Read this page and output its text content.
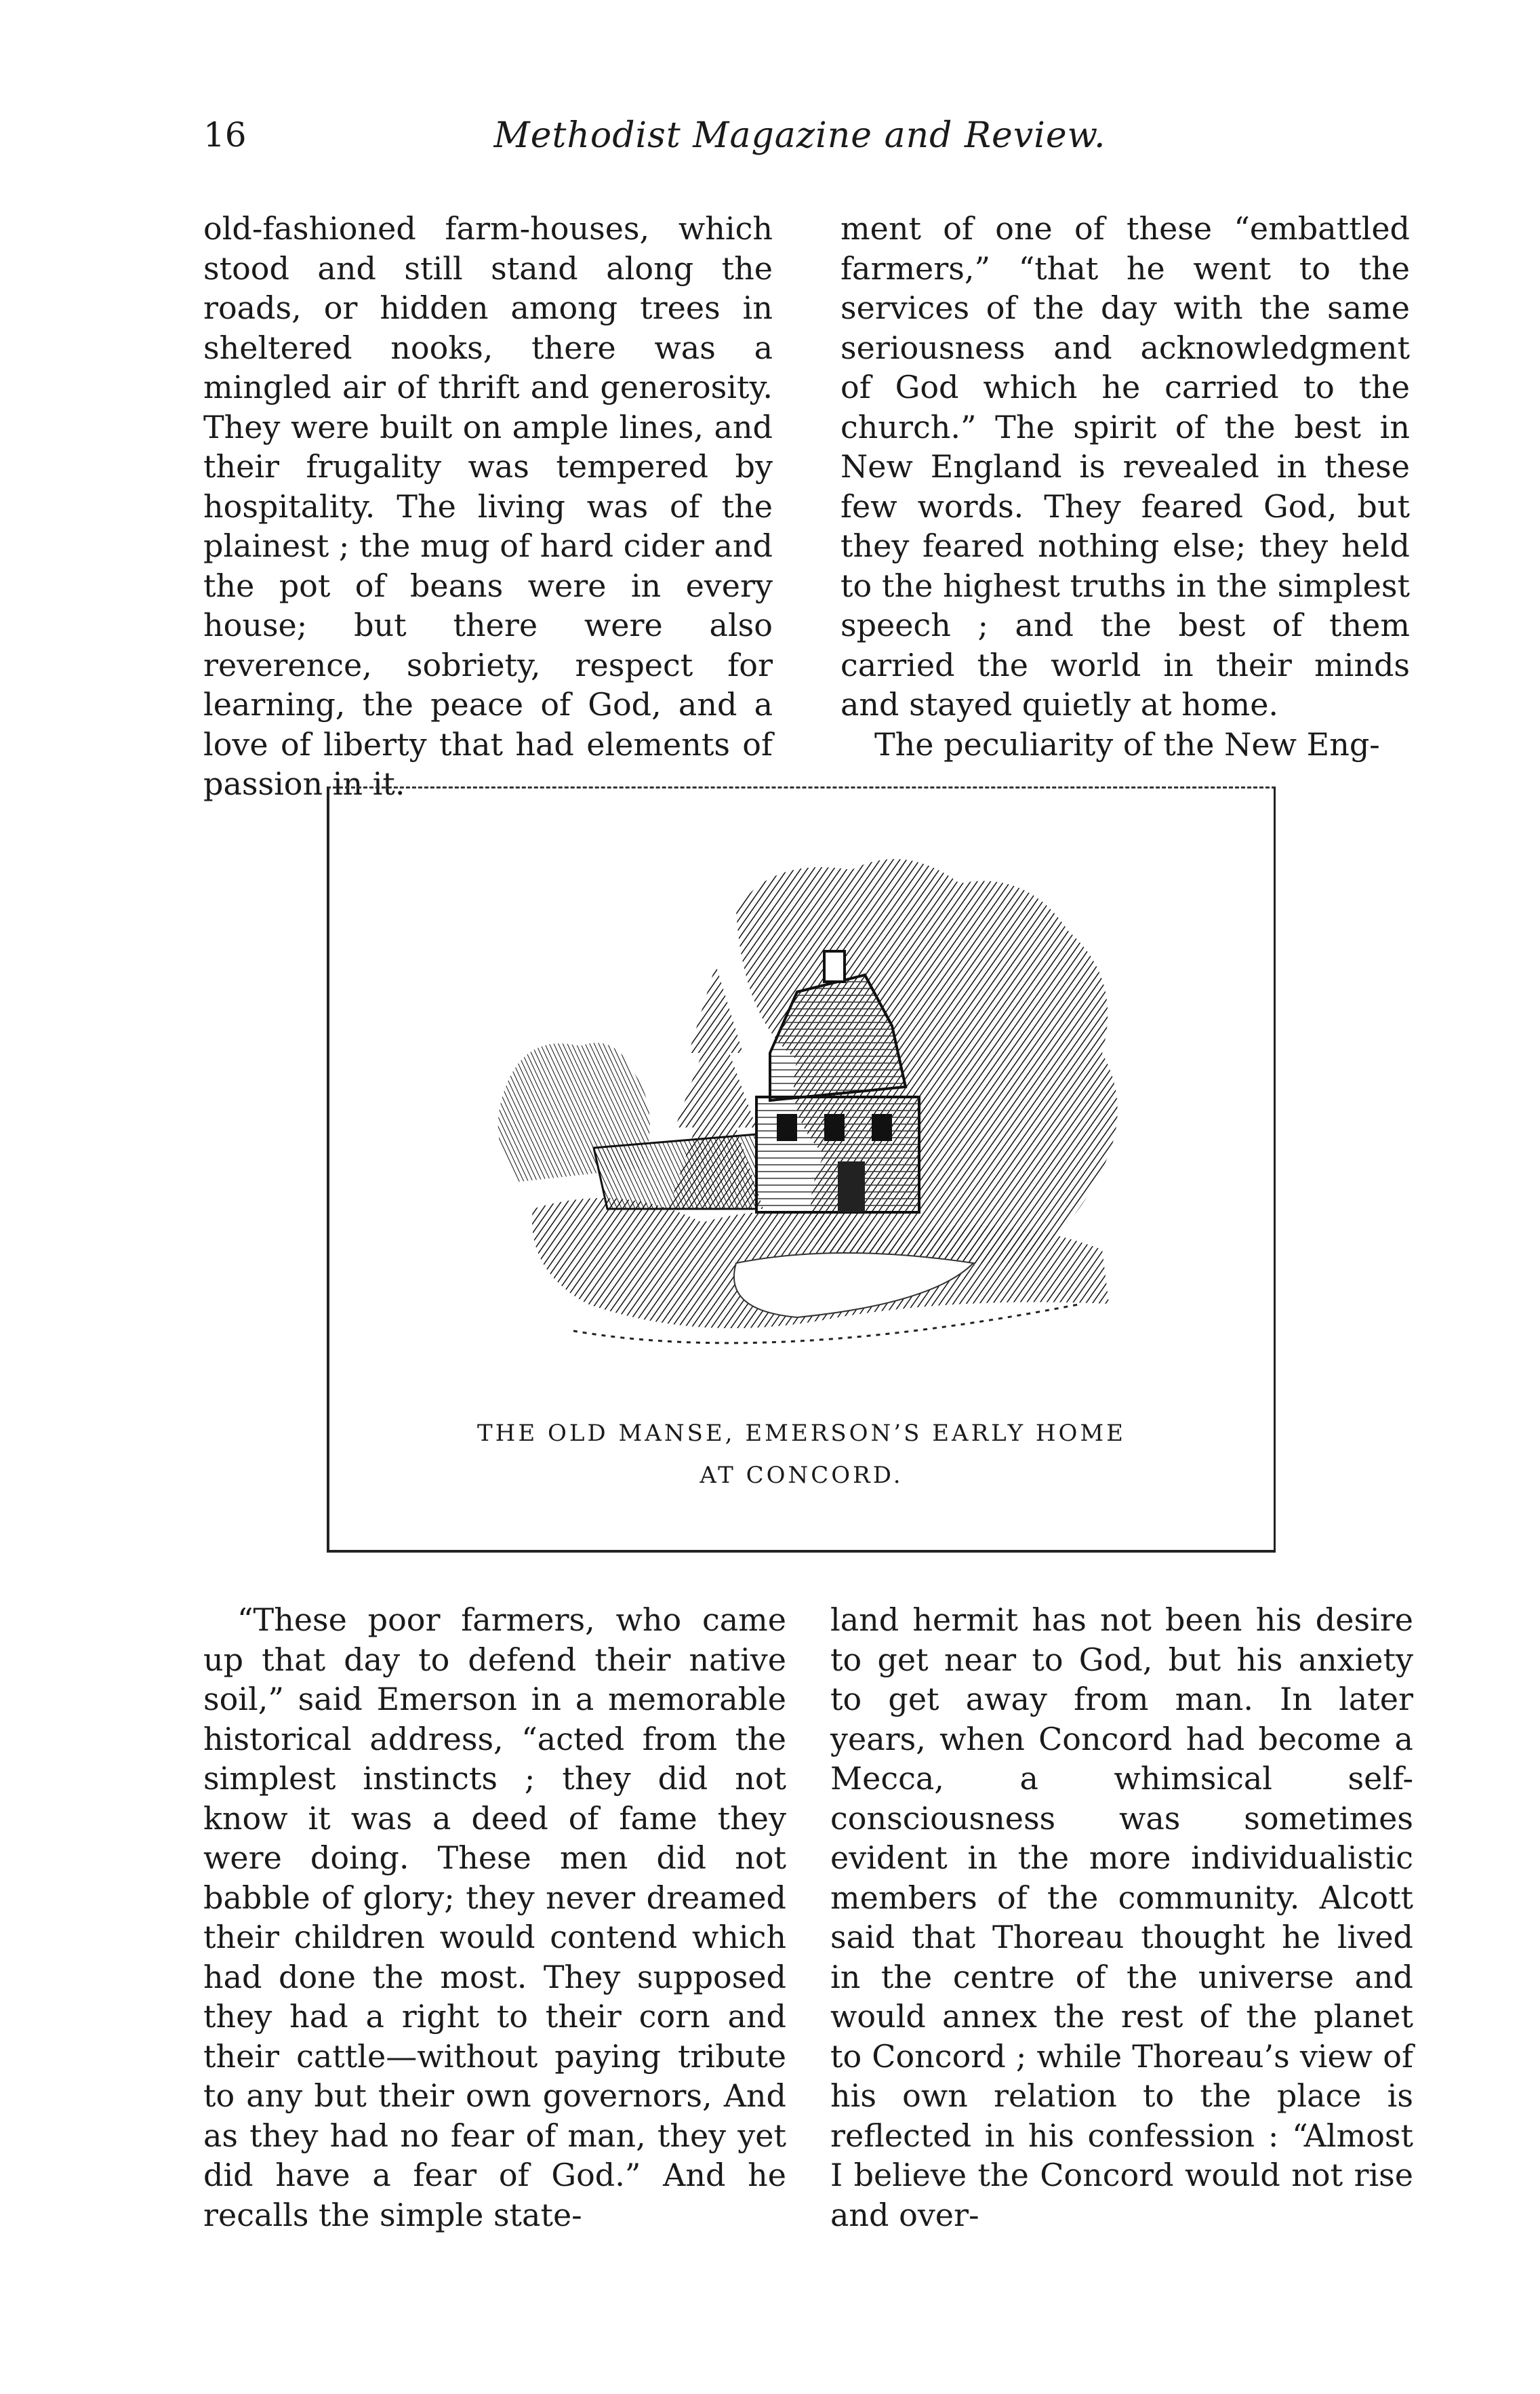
16	Methodist Magazine and Review.

old-fashioned farm-houses, which stood and still stand along the roads, or hidden among trees in sheltered nooks, there was a mingled air of thrift and generosity. They were built on ample lines, and their frugality was tempered by hospitality. The living was of the plainest ; the mug of hard cider and the pot of beans were in every house; but there were also reverence, sobriety, respect for learning, the peace of God, and a love of liberty that had elements of passion in it.

ment of one of these “embattled farmers,” “that he went to the services of the day with the same seriousness and acknowledgment of God which he carried to the church.” The spirit of the best in New England is revealed in these few words. They feared God, but they feared nothing else; they held to the highest truths in the simplest speech ; and the best of them carried the world in their minds and stayed quietly at home.

The peculiarity of the New Eng-

THE OLD MANSE, EMERSON’S EARLY HOME
AT CONCORD.

“These poor farmers, who came up that day to defend their native soil,” said Emerson in a memorable historical address, “acted from the simplest instincts ; they did not know it was a deed of fame they were doing. These men did not babble of glory; they never dreamed their children would contend which had done the most. They supposed they had a right to their corn and their cattle—without paying tribute to any but their own governors, And as they had no fear of man, they yet did have a fear of God.” And he recalls the simple state-

land hermit has not been his desire to get near to God, but his anxiety to get away from man. In later years, when Concord had become a Mecca, a whimsical self-consciousness was sometimes evident in the more individualistic members of the community. Alcott said that Thoreau thought he lived in the centre of the universe and would annex the rest of the planet to Concord ; while Thoreau’s view of his own relation to the place is reflected in his confession : “Almost I believe the Concord would not rise and over-
